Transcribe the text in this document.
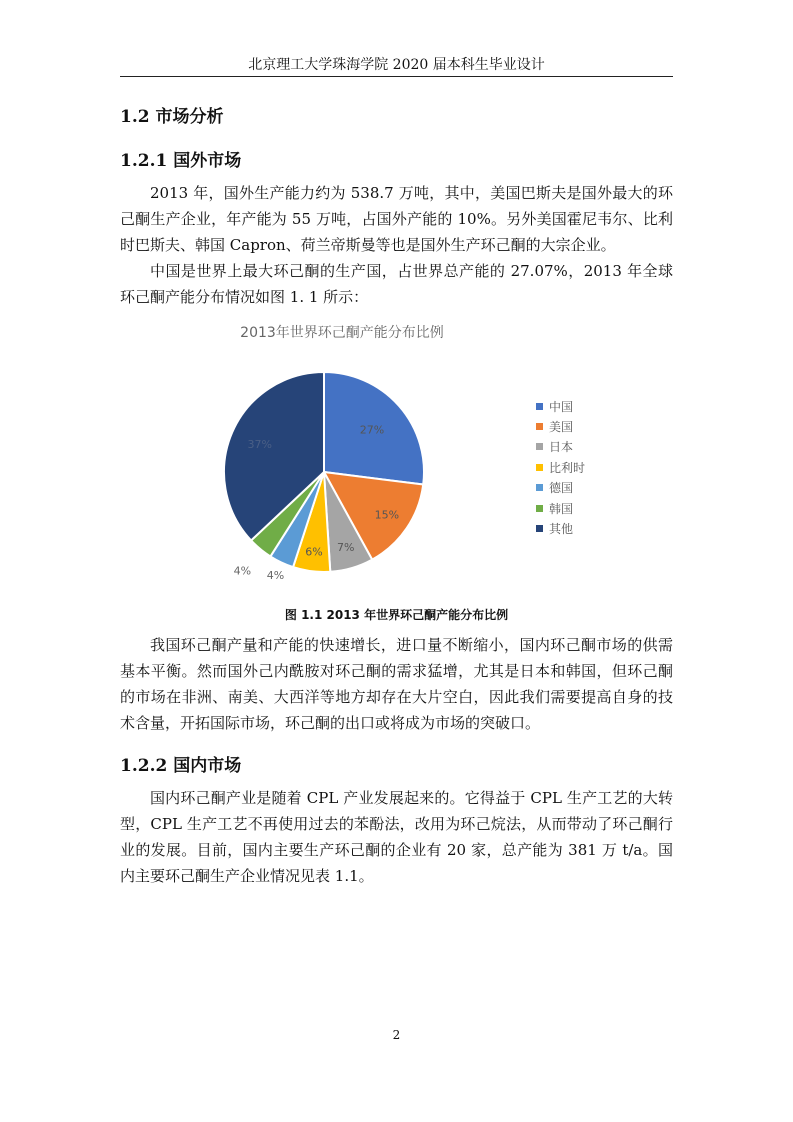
北京理工大学珠海学院 2020 届本科生毕业设计
1.2 市场分析
1.2.1 国外市场

2013 年，国外生产能力约为 538.7 万吨，其中，美国巴斯夫是国外最大的环己酮生产企业，年产能为 55 万吨，占国外产能的 10%。另外美国霍尼韦尔、比利时巴斯夫、韩国 Capron、荷兰帝斯曼等也是国外生产环己酮的大宗企业。

中国是世界上最大环己酮的生产国，占世界总产能的 27.07%，2013 年全球环己酮产能分布情况如图 1. 1 所示：

2013年世界环己酮产能分布比例
27%
15%
7%
6%
4%
4%
37%
中国
美国
日本
比利时
德国
韩国
其他
图 1.1 2013 年世界环己酮产能分布比例

我国环己酮产量和产能的快速增长，进口量不断缩小，国内环己酮市场的供需基本平衡。然而国外己内酰胺对环己酮的需求猛增，尤其是日本和韩国，但环己酮的市场在非洲、南美、大西洋等地方却存在大片空白，因此我们需要提高自身的技术含量，开拓国际市场，环己酮的出口或将成为市场的突破口。

1.2.2 国内市场

国内环己酮产业是随着 CPL 产业发展起来的。它得益于 CPL 生产工艺的大转型，CPL 生产工艺不再使用过去的苯酚法，改用为环己烷法，从而带动了环己酮行业的发展。目前，国内主要生产环己酮的企业有 20 家，总产能为 381 万 t/a。国内主要环己酮生产企业情况见表 1.1。

2
